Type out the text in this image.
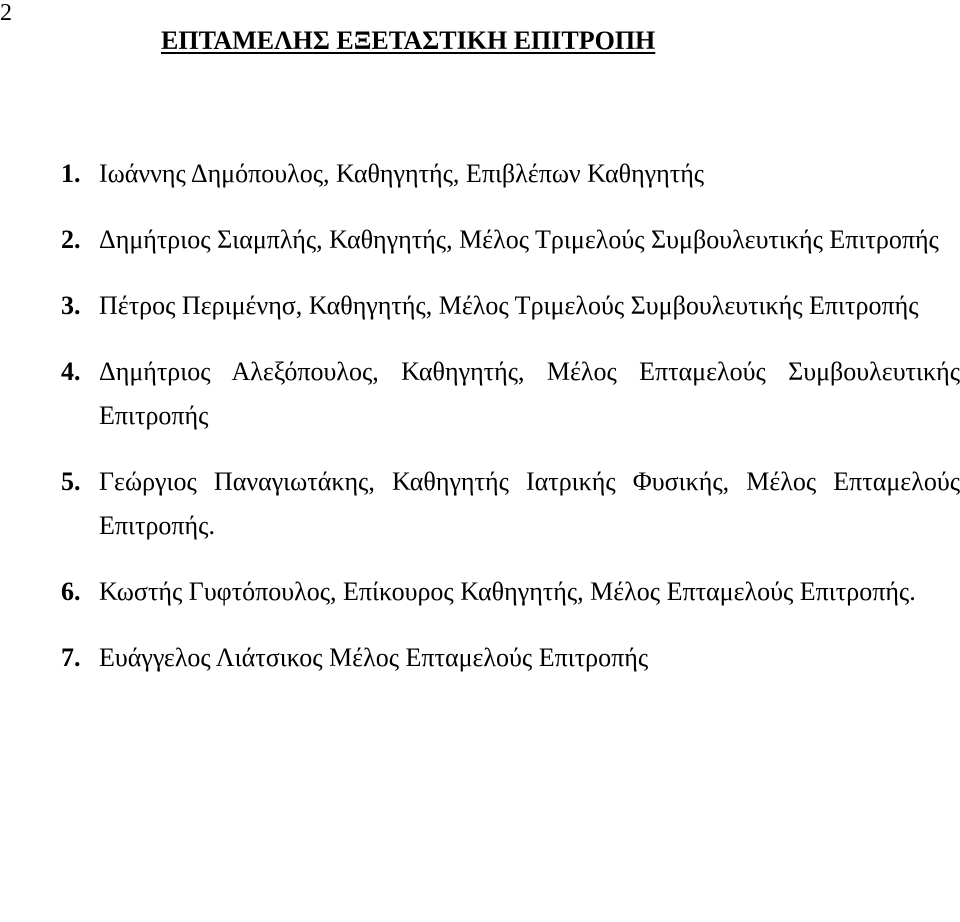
2
ΕΠΤΑΜΕΛΗΣ ΕΞΕΤΑΣΤΙΚΗ ΕΠΙΤΡΟΠΗ
1. Ιωάννης Δημόπουλος, Καθηγητής, Επιβλέπων Καθηγητής
2. Δημήτριος Σιαμπλής, Καθηγητής, Μέλος Τριμελούς Συμβουλευτικής Επιτροπής
3. Πέτρος Περιμένησ, Καθηγητής, Μέλος Τριμελούς Συμβουλευτικής Επιτροπής
4. Δημήτριος Αλεξόπουλος, Καθηγητής, Μέλος Επταμελούς Συμβουλευτικής Επιτροπής
5. Γεώργιος Παναγιωτάκης, Καθηγητής Ιατρικής Φυσικής, Μέλος Επταμελούς Επιτροπής.
6. Κωστής Γυφτόπουλος, Επίκουρος Καθηγητής, Μέλος Επταμελούς Επιτροπής.
7. Ευάγγελος Λιάτσικος Μέλος Επταμελούς Επιτροπής
